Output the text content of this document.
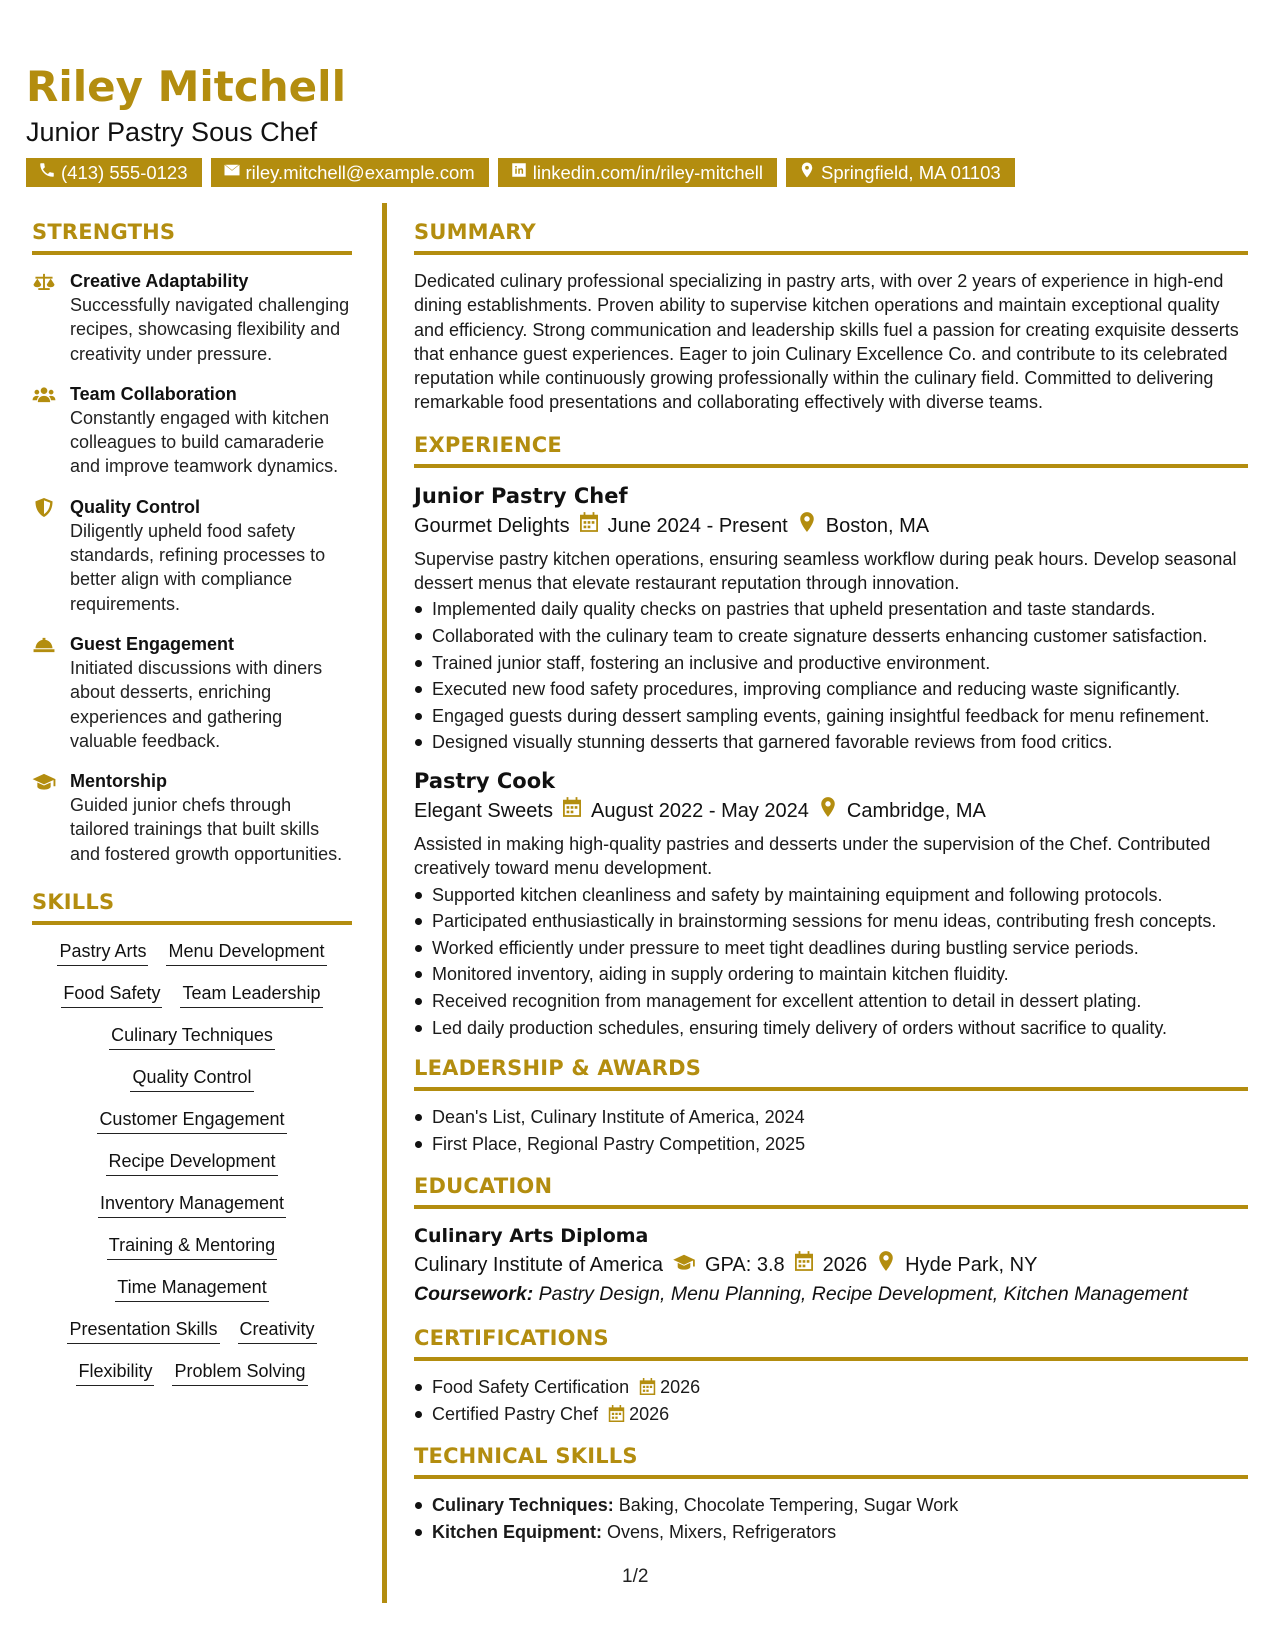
Riley Mitchell
Junior Pastry Sous Chef
(413) 555-0123	riley.mitchell@example.com	linkedin.com/in/riley-mitchell	Springfield, MA 01103
STRENGTHS
Creative Adaptability
Successfully navigated challenging recipes, showcasing flexibility and creativity under pressure.
Team Collaboration
Constantly engaged with kitchen colleagues to build camaraderie and improve teamwork dynamics.
Quality Control
Diligently upheld food safety standards, refining processes to better align with compliance requirements.
Guest Engagement
Initiated discussions with diners about desserts, enriching experiences and gathering valuable feedback.
Mentorship
Guided junior chefs through tailored trainings that built skills and fostered growth opportunities.
SKILLS
Pastry Arts Menu Development
Food Safety Team Leadership
Culinary Techniques
Quality Control
Customer Engagement
Recipe Development
Inventory Management
Training & Mentoring
Time Management
Presentation Skills Creativity
Flexibility Problem Solving
SUMMARY
Dedicated culinary professional specializing in pastry arts, with over 2 years of experience in high-end dining establishments. Proven ability to supervise kitchen operations and maintain exceptional quality and efficiency. Strong communication and leadership skills fuel a passion for creating exquisite desserts that enhance guest experiences. Eager to join Culinary Excellence Co. and contribute to its celebrated reputation while continuously growing professionally within the culinary field. Committed to delivering remarkable food presentations and collaborating effectively with diverse teams.
EXPERIENCE
Junior Pastry Chef
Gourmet Delights June 2024 - Present Boston, MA
Supervise pastry kitchen operations, ensuring seamless workflow during peak hours. Develop seasonal dessert menus that elevate restaurant reputation through innovation.
Implemented daily quality checks on pastries that upheld presentation and taste standards.
Collaborated with the culinary team to create signature desserts enhancing customer satisfaction.
Trained junior staff, fostering an inclusive and productive environment.
Executed new food safety procedures, improving compliance and reducing waste significantly.
Engaged guests during dessert sampling events, gaining insightful feedback for menu refinement.
Designed visually stunning desserts that garnered favorable reviews from food critics.
Pastry Cook
Elegant Sweets August 2022 - May 2024 Cambridge, MA
Assisted in making high-quality pastries and desserts under the supervision of the Chef. Contributed creatively toward menu development.
Supported kitchen cleanliness and safety by maintaining equipment and following protocols.
Participated enthusiastically in brainstorming sessions for menu ideas, contributing fresh concepts.
Worked efficiently under pressure to meet tight deadlines during bustling service periods.
Monitored inventory, aiding in supply ordering to maintain kitchen fluidity.
Received recognition from management for excellent attention to detail in dessert plating.
Led daily production schedules, ensuring timely delivery of orders without sacrifice to quality.
LEADERSHIP & AWARDS
Dean's List, Culinary Institute of America, 2024
First Place, Regional Pastry Competition, 2025
EDUCATION
Culinary Arts Diploma
Culinary Institute of America GPA: 3.8 2026 Hyde Park, NY
Coursework: Pastry Design, Menu Planning, Recipe Development, Kitchen Management
CERTIFICATIONS
Food Safety Certification 2026
Certified Pastry Chef 2026
TECHNICAL SKILLS
Culinary Techniques: Baking, Chocolate Tempering, Sugar Work
Kitchen Equipment: Ovens, Mixers, Refrigerators
1/2
